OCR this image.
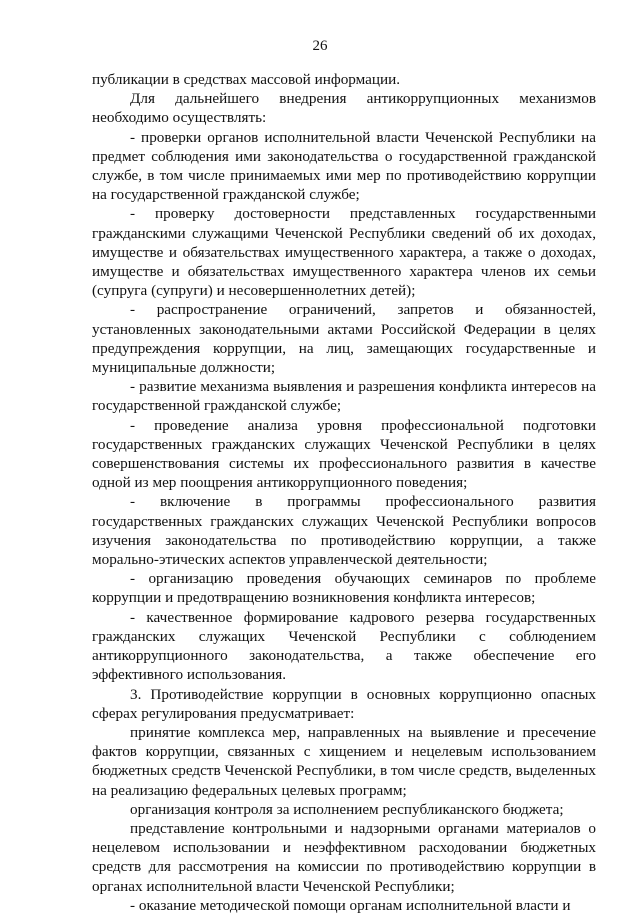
26

публикации в средствах массовой информации.

Для дальнейшего внедрения антикоррупционных механизмов необходимо осуществлять:

- проверки органов исполнительной власти Чеченской Республики на предмет соблюдения ими законодательства о государственной гражданской службе, в том числе принимаемых ими мер по противодействию коррупции на государственной гражданской службе;

- проверку достоверности представленных государственными гражданскими служащими Чеченской Республики сведений об их доходах, имуществе и обязательствах имущественного характера, а также о доходах, имуществе и обязательствах имущественного характера членов их семьи (супруга (супруги) и несовершеннолетних детей);

- распространение ограничений, запретов и обязанностей, установленных законодательными актами Российской Федерации в целях предупреждения коррупции, на лиц, замещающих государственные и муниципальные должности;

- развитие механизма выявления и разрешения конфликта интересов на государственной гражданской службе;

- проведение анализа уровня профессиональной подготовки государственных гражданских служащих Чеченской Республики в целях совершенствования системы их профессионального развития в качестве одной из мер поощрения антикоррупционного поведения;

- включение в программы профессионального развития государственных гражданских служащих Чеченской Республики вопросов изучения законодательства по противодействию коррупции, а также морально-этических аспектов управленческой деятельности;

- организацию проведения обучающих семинаров по проблеме коррупции и предотвращению возникновения конфликта интересов;

- качественное формирование кадрового резерва государственных гражданских служащих Чеченской Республики с соблюдением антикоррупционного законодательства, а также обеспечение его эффективного использования.

3. Противодействие коррупции в основных коррупционно опасных сферах регулирования предусматривает:

принятие комплекса мер, направленных на выявление и пресечение фактов коррупции, связанных с хищением и нецелевым использованием бюджетных средств Чеченской Республики, в том числе средств, выделенных на реализацию федеральных целевых программ;

организация контроля за исполнением республиканского бюджета;

представление контрольными и надзорными органами материалов о нецелевом использовании и неэффективном расходовании бюджетных средств для рассмотрения на комиссии по противодействию коррупции в органах исполнительной власти Чеченской Республики;

- оказание методической помощи органам исполнительной власти и
